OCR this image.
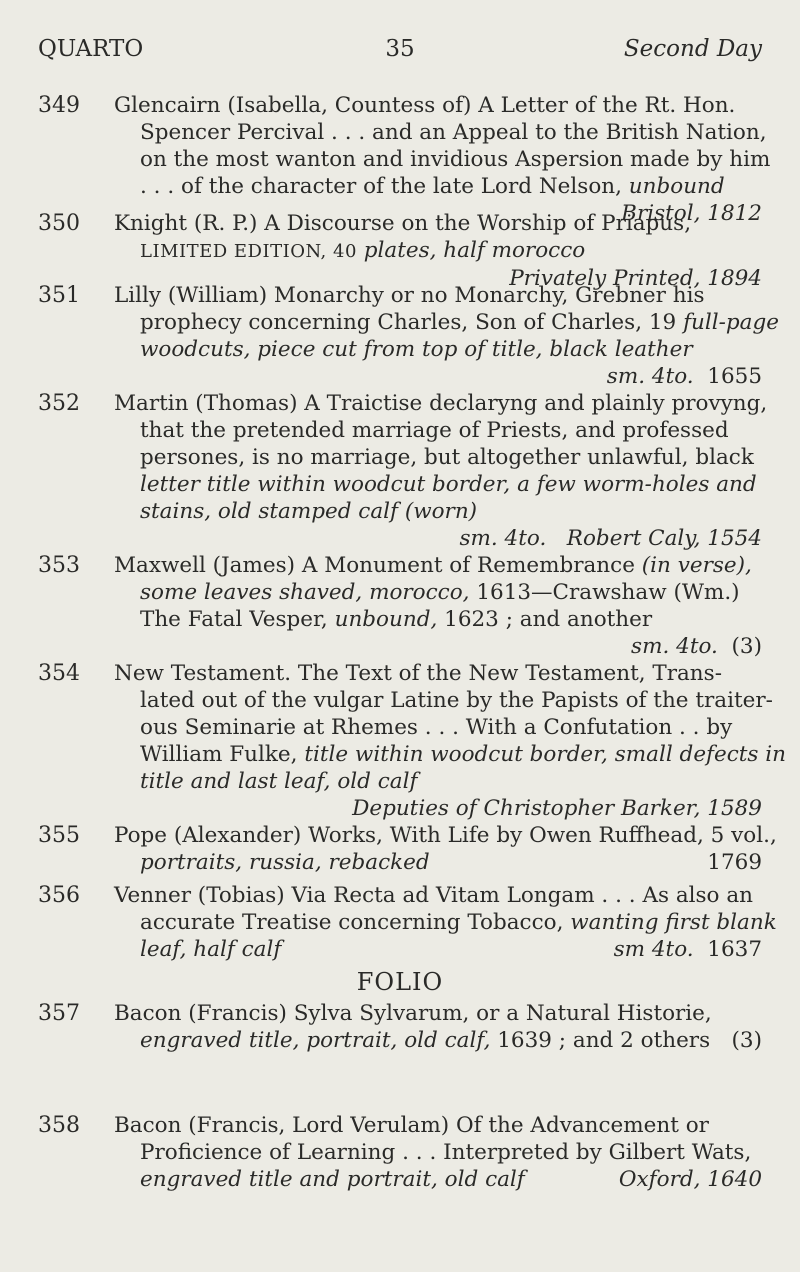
QUARTO	35	Second Day
349	Glencairn (Isabella, Countess of) A Letter of the Rt. Hon.
Spencer Percival . . . and an Appeal to the British Nation,
on the most wanton and invidious Aspersion made by him
. . . of the character of the late Lord Nelson, unbound
Bristol, 1812
350	Knight (R. P.) A Discourse on the Worship of Priapus,
LIMITED EDITION, 40 plates, half morocco
Privately Printed, 1894
351	Lilly (William) Monarchy or no Monarchy, Grebner his
prophecy concerning Charles, Son of Charles, 19 full-page
woodcuts, piece cut from top of title, black leather
sm. 4to. 1655
352	Martin (Thomas) A Traictise declaryng and plainly provyng,
that the pretended marriage of Priests, and professed
persones, is no marriage, but altogether unlawful, black
letter title within woodcut border, a few worm-holes and
stains, old stamped calf (worn)
sm. 4to. Robert Caly, 1554
353	Maxwell (James) A Monument of Remembrance (in verse),
some leaves shaved, morocco, 1613—Crawshaw (Wm.)
The Fatal Vesper, unbound, 1623 ; and another
sm. 4to. (3)
354	New Testament. The Text of the New Testament, Trans-
lated out of the vulgar Latine by the Papists of the traiter-
ous Seminarie at Rhemes . . . With a Confutation . . by
William Fulke, title within woodcut border, small defects in
title and last leaf, old calf
Deputies of Christopher Barker, 1589
355	Pope (Alexander) Works, With Life by Owen Ruffhead, 5 vol.,
portraits, russia, rebacked	1769
356	Venner (Tobias) Via Recta ad Vitam Longam . . . As also an
accurate Treatise concerning Tobacco, wanting first blank
leaf, half calf	sm 4to. 1637
FOLIO
357	Bacon (Francis) Sylva Sylvarum, or a Natural Historie,
engraved title, portrait, old calf, 1639 ; and 2 others (3)
358	Bacon (Francis, Lord Verulam) Of the Advancement or
Proficience of Learning . . . Interpreted by Gilbert Wats,
engraved title and portrait, old calf	Oxford, 1640
